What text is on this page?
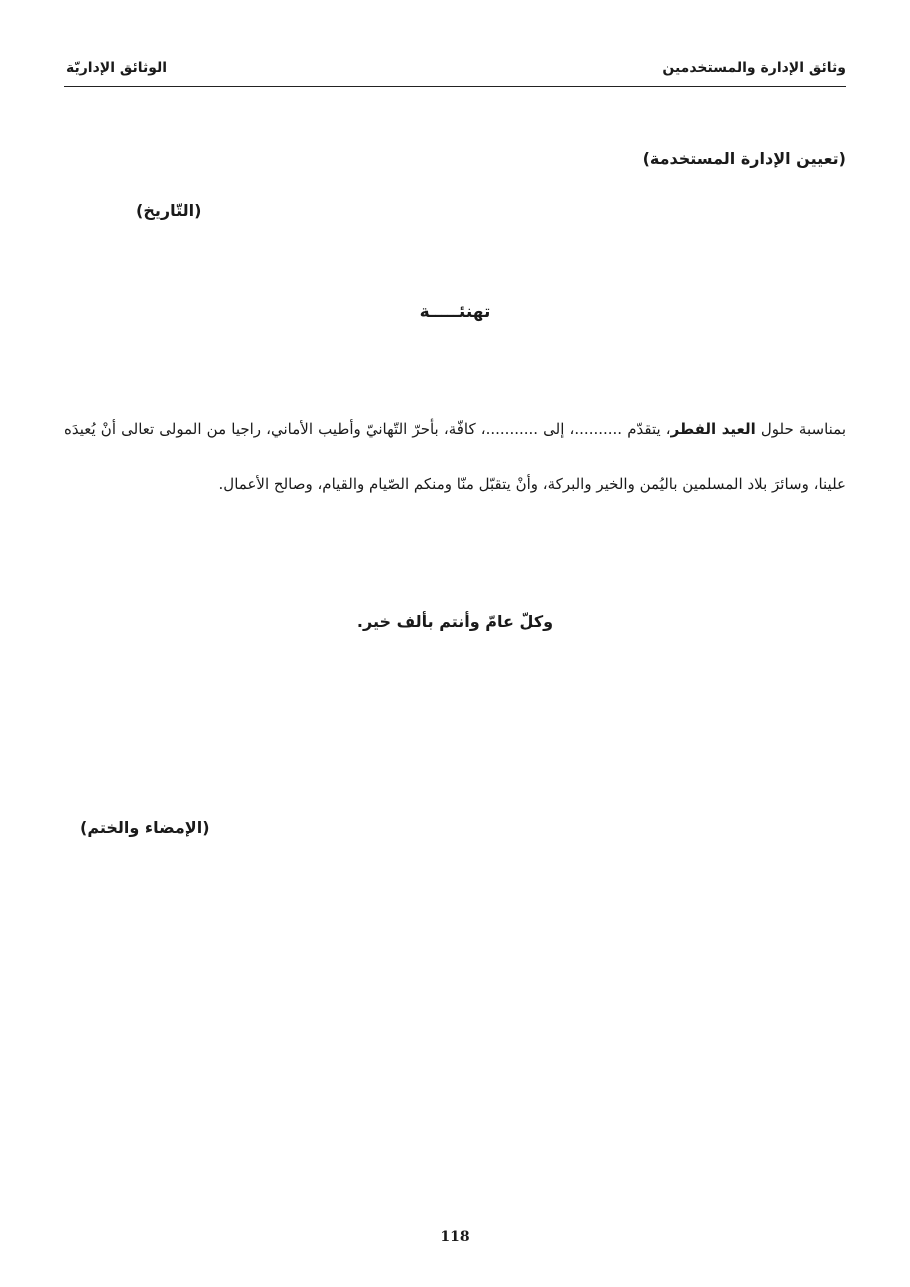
وثائق الإدارة والمستخدمين
الوثائق الإداريّة
(تعيين الإدارة المستخدمة)
(التّاريخ)
تهنئـــــة

بمناسبة حلول العيد الفطر، يتقدّم ..........، إلى ...........، كافّة، بأحرّ التّهانيّ وأطيب الأماني، راجيا من المولى تعالى أنْ يُعيدَه علينا، وسائرَ بلاد المسلمين باليُمن والخير والبركة، وأنْ يتقبّل منّا ومنكم الصّيام والقيام، وصالح الأعمال.

وكلّ عامّ وأنتم بألف خير.
(الإمضاء والختم)
118
